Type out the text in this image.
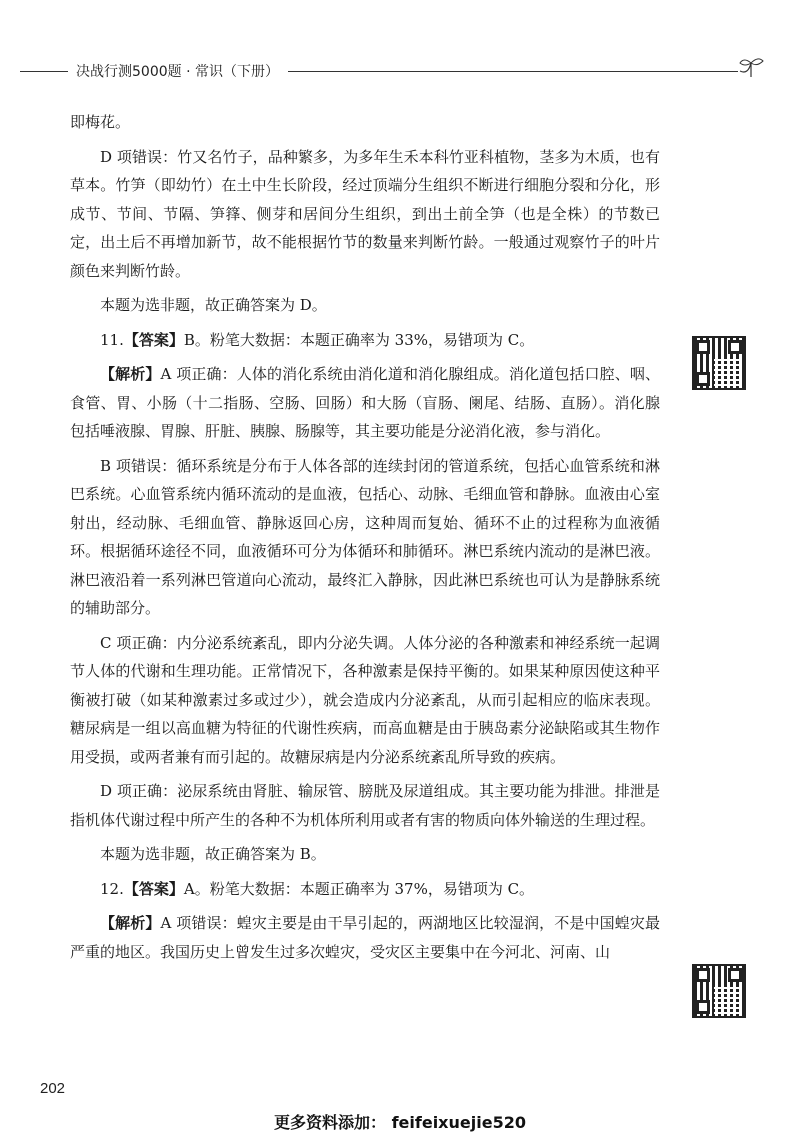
决战行测5000题 · 常识（下册）

即梅花。

D 项错误：竹又名竹子，品种繁多，为多年生禾本科竹亚科植物，茎多为木质，也有草本。竹笋（即幼竹）在土中生长阶段，经过顶端分生组织不断进行细胞分裂和分化，形成节、节间、节隔、笋箨、侧芽和居间分生组织，到出土前全笋（也是全株）的节数已定，出土后不再增加新节，故不能根据竹节的数量来判断竹龄。一般通过观察竹子的叶片颜色来判断竹龄。

本题为选非题，故正确答案为 D。

11.【答案】B。粉笔大数据：本题正确率为 33%，易错项为 C。

【解析】A 项正确：人体的消化系统由消化道和消化腺组成。消化道包括口腔、咽、食管、胃、小肠（十二指肠、空肠、回肠）和大肠（盲肠、阑尾、结肠、直肠）。消化腺包括唾液腺、胃腺、肝脏、胰腺、肠腺等，其主要功能是分泌消化液，参与消化。

B 项错误：循环系统是分布于人体各部的连续封闭的管道系统，包括心血管系统和淋巴系统。心血管系统内循环流动的是血液，包括心、动脉、毛细血管和静脉。血液由心室射出，经动脉、毛细血管、静脉返回心房，这种周而复始、循环不止的过程称为血液循环。根据循环途径不同，血液循环可分为体循环和肺循环。淋巴系统内流动的是淋巴液。淋巴液沿着一系列淋巴管道向心流动，最终汇入静脉，因此淋巴系统也可认为是静脉系统的辅助部分。

C 项正确：内分泌系统紊乱，即内分泌失调。人体分泌的各种激素和神经系统一起调节人体的代谢和生理功能。正常情况下，各种激素是保持平衡的。如果某种原因使这种平衡被打破（如某种激素过多或过少），就会造成内分泌紊乱，从而引起相应的临床表现。糖尿病是一组以高血糖为特征的代谢性疾病，而高血糖是由于胰岛素分泌缺陷或其生物作用受损，或两者兼有而引起的。故糖尿病是内分泌系统紊乱所导致的疾病。

D 项正确：泌尿系统由肾脏、输尿管、膀胱及尿道组成。其主要功能为排泄。排泄是指机体代谢过程中所产生的各种不为机体所利用或者有害的物质向体外输送的生理过程。

本题为选非题，故正确答案为 B。

12.【答案】A。粉笔大数据：本题正确率为 37%，易错项为 C。

【解析】A 项错误：蝗灾主要是由干旱引起的，两湖地区比较湿润，不是中国蝗灾最严重的地区。我国历史上曾发生过多次蝗灾，受灾区主要集中在今河北、河南、山

202
更多资料添加： feifeixuejie520
